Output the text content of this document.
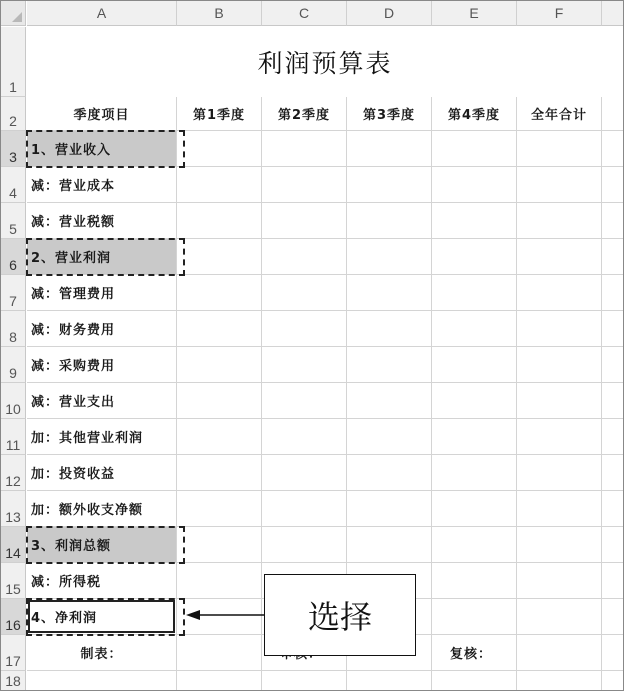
A	B	C	D	E	F
1
2
3
4
5
6
7
8
9
10
11
12
13
14
15
16
17
18
利润预算表
季度项目	第1季度	第2季度	第3季度	第4季度	全年合计
1、营业收入
减：营业成本
减：营业税额
2、营业利润
减：管理费用
减：财务费用
减：采购费用
减：营业支出
加：其他营业利润
加：投资收益
加：额外收支净额
3、利润总额
减：所得税
4、净利润
制表：	复核：
选择
